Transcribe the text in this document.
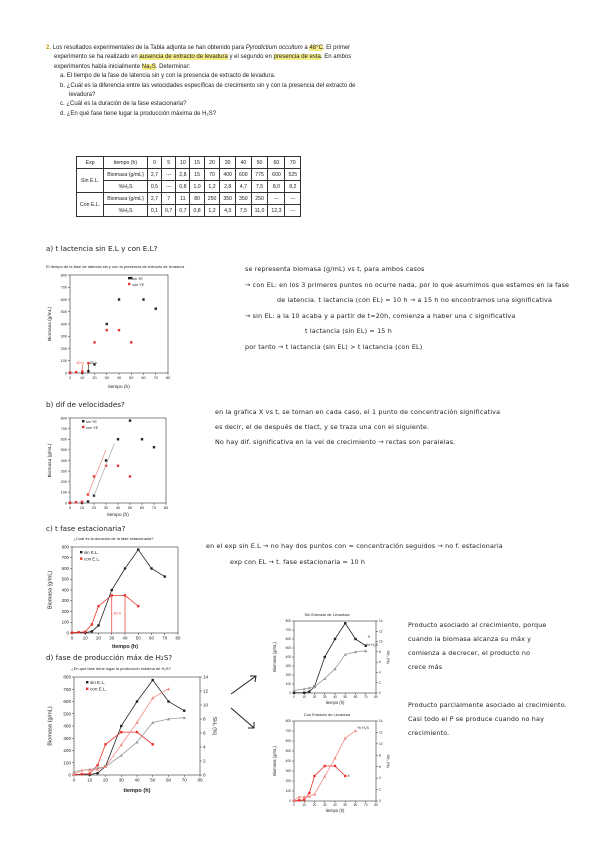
2. Los resultados experimentales de la Tabla adjunta se han obtenido para Pyrodictium occultum a 48°C. El primer
experimento se ha realizado en ausencia de extracto de levadura y el segundo en presencia de esta. En ambos
experimentos había inicialmente Na₂S. Determinar:
a. El tiempo de la fase de latencia sin y con la presencia de extracto de levadura.
b. ¿Cuál es la diferencia entre las velocidades específicas de crecimiento sin y con la presencia del extracto de
levadura?
c. ¿Cuál es la duración de la fase estacionaria?
d. ¿En qué fase tiene lugar la producción máxima de H₂S?
Exp	tiempo (h)	0	5	10	15	20	30	40	50	60	70
Sin E.L.	Biomasa (g/mL)	2,7	---	2,8	15	70	400	600	775	600	525
	%H₂S	0,5	---	0,8	1,0	1,2	2,8	4,7	7,5	8,0	8,2
Con E.L.	Biomasa (g/mL)	2,7	7	11	80	250	350	350	250	---	---
	%H₂S	0,1	0,7	0,7	0,8	1,2	4,3	7,5	11,0	12,3	---
a) t lactencia sin E.L y con E.L?
se representa biomasa (g/mL) vs t, para ambos casos
→ con EL: en los 3 primeros puntos no ocurre nada, por lo que asumimos que estamos en la fase
de latencia. t lactancia (con EL) = 10 h → a 15 h no encontramos una significativa
→ sin EL: a la 10 acaba y a partir de t=20h, comienza a haber una c significativa
t lactancia (sin EL) = 15 h
por tanto → t lactancia (sin EL) > t lactancia (con EL)
El tiempo de la fase de latencia sin y con la presencia de extracto de levadura
0 10 20 30 40 50 60 70 80
0
100
200
300
400
500
600
700
800
tiempo (h)
Biomasa (g/mL)
sin YE
con YE
10 h 15 h
b) dif de velocidades?
en la grafica X vs t, se toman en cada caso, el 1 punto de concentración significativa
es decir, el de después de tlact, y se traza una con el siguiente.
No hay dif. significativa en la vel de crecimiento → rectas son paralelas.
0 10 20 30 40 50 60 70 80
0
100
200
300
400
500
600
700
800
tiempo (h)
Biomasa (g/mL)
sin YE
con YE
c) t fase estacionaria?
en el exp sin E.L → no hay dos puntos con = concentración seguidos → no f. estacionaria
exp con EL → t. fase estacionaria = 10 h
¿Cuál es la duración de la fase estacionaria?
0 10 20 30 40 50 60 70 80
0
100
200
300
400
500
600
700
800
tiempo (h)
Biomasa (g/mL)
sin E.L.
con E.L.
10 h
d) fase de producción máx de H₂S?
¿En qué fase tiene lugar la producción máxima de H₂S?
0	10 20 30 40 50 60 70 80
0
100
200
300
400
500
600
700
800
0
2
4
6
8
10
12
14
SH₂ (%)
tiempo (h)
Biomasa (g/mL)
sin E.L.
con E.L.
Sin Extracto de Levadura
0 10 20 30 40 50 60 70 80
0
100
200
300
400
500
600
700
800
0
2
4
6
8
10
12
14
SH₂ (%)
tiempo (h)
Biomasa (g/mL)
X
% H₂S
Con Extracto de Levadura
0 10 20 30 40 50 60 70 80
0
100
200
300
400
500
600
700
800
0
2
4
6
8
10
12
14
SH₂ (%)
tiempo (h)
Biomasa (g/mL)
% H₂S
X
Producto asociado al crecimiento, porque
cuando la biomasa alcanza su máx y
comienza a decrecer, el producto no
crece más
Producto parcialmente asociado al crecimiento.
Casi todo el P se produce cuando no hay
crecimiento.
